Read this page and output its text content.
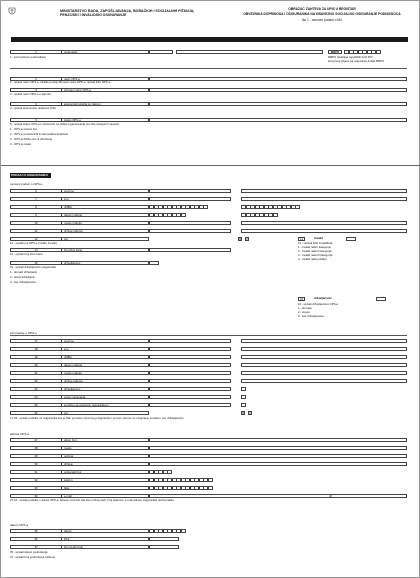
MINISTARSTVO RADA, ZAPOŠLJAVANJA, BORAČKIH I SOCIJALNIH PITANJA, PENZIJSKI I INVALIDSKI OSIGURANJE
OBRAZAC ZAHTEVA ZA UPIS U REGISTAR
OBVEZNIKA DOPRINOSA I OSIGURANIKA NA OBAVEZNO SOCIJALNO OSIGURANJE PODNOSIOCA
list 1 - osnovni podaci o M4
1	podnosilac	MBPO
MBPO dodeljuje republički fond PIO
kod prvog prijave na osiguranje dobija MBPO
1 - pod nazivom podnosilaca
2	naziv OPS-a
2 - upisati naziv OPS-a, ukoliko postoji šifrovani naziv OPS-a, upisati šifru OPS-a
3	sifrovani naziv OPS-a
3 - upisati naziv OPS-a u tajnosti
4	ekonomski položaj po zakonu
4 - upisati ekonomsku delatnost (KD)
5	status OPS-a
5 - upisati status OPS-a u zavisnosti od oblika organizovanja (za više dostupnih navesti):
1 - OPS je pravno lice
2 - OPS je preduzetnik ili samostalna delatnost
3 - OPS je fizičko lice ili udruženje
4 - OPS je ostalo
PODACI O OSIGURANIKU
osnovni podaci o OPS-u
6	prezime
7	ime
8	JMBG
9	datum rođenja
10	mesto rođenja
11	država rođenja
12	pol	M	Ž	13	Invalid
13 - Upisati šifru invaliditeta:
1 - Invalid rada I kategorije
2 - Invalid rada II kategorije
3 - Invalid rada III kategorije
4 - Invalid rada (ostalo)
12 - upisati pol OPS-a (muški, ženski)
14	broj lične karte
14 - upisati broj lične karte
15	državljanstvo
15 - upisati državljanstvo osiguranika
1 - domaći državljanin
2 - strani državljanin
3 - bez državljanstva
16	državljanstvo
16 - upisati državljanstvo OPS-a
1 - domaće
2 - strano
3 - bez državljanstva
informacije o OPS-u
17	prezime
18	ime
19	JMBG
20	datum rođenja
21	mesto rođenja
22	država rođenja
23	državljanstvo
24	osnov osiguranja
25	srodstvo sa osnovnim osiguranikom
26	pol	M	Ž
17-26 - upisati podatke za osiguranika koji je član porodice osnovnog osiguranika i po kom osnovu se osigurava, srodstvo, pol, državljanstvo
adresa OPS-a
27	ulica i broj
28	mesto
29	opština
30	država
31	poštanski broj
32	telefon
33	faks
34	e-mail	@
27-34 - upisati podatke o adresi OPS-a, adresa mora biti ista kao u ličnoj karti, broj telefona i e-mail adresu osiguranika radi kontakta
datum OPS-a
35	datum
36	šifra
37	broj (redni broj)
35 - upisati datum podnošenja
37 - upisati broj podnošenja zahteva
